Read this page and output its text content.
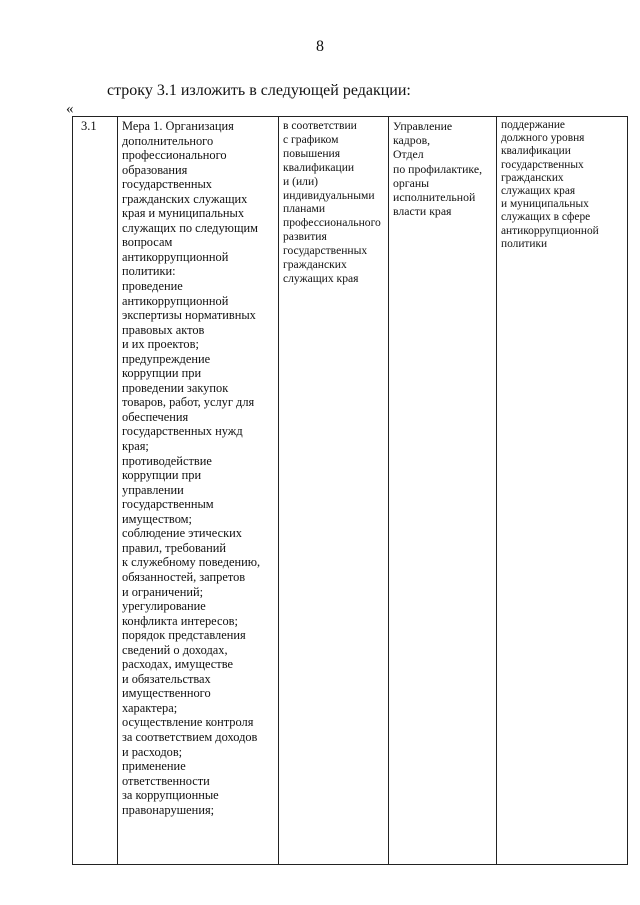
8
строку 3.1 изложить в следующей редакции:
«
3.1	Мера 1. Организация
дополнительного
профессионального
образования
государственных
гражданских служащих
края и муниципальных
служащих по следующим
вопросам
антикоррупционной
политики:
проведение
антикоррупционной
экспертизы нормативных
правовых актов
и их проектов;
предупреждение
коррупции при
проведении закупок
товаров, работ, услуг для
обеспечения
государственных нужд
края;
противодействие
коррупции при
управлении
государственным
имуществом;
соблюдение этических
правил, требований
к служебному поведению,
обязанностей, запретов
и ограничений;
урегулирование
конфликта интересов;
порядок представления
сведений о доходах,
расходах, имуществе
и обязательствах
имущественного
характера;
осуществление контроля
за соответствием доходов
и расходов;
применение
ответственности
за коррупционные
правонарушения;

в соответствии
с графиком
повышения
квалификации
и (или)
индивидуальными
планами
профессионального
развития
государственных
гражданских
служащих края

Управление
кадров,
Отдел
по профилактике,
органы
исполнительной
власти края

поддержание
должного уровня
квалификации
государственных
гражданских
служащих края
и муниципальных
служащих в сфере
антикоррупционной
политики
